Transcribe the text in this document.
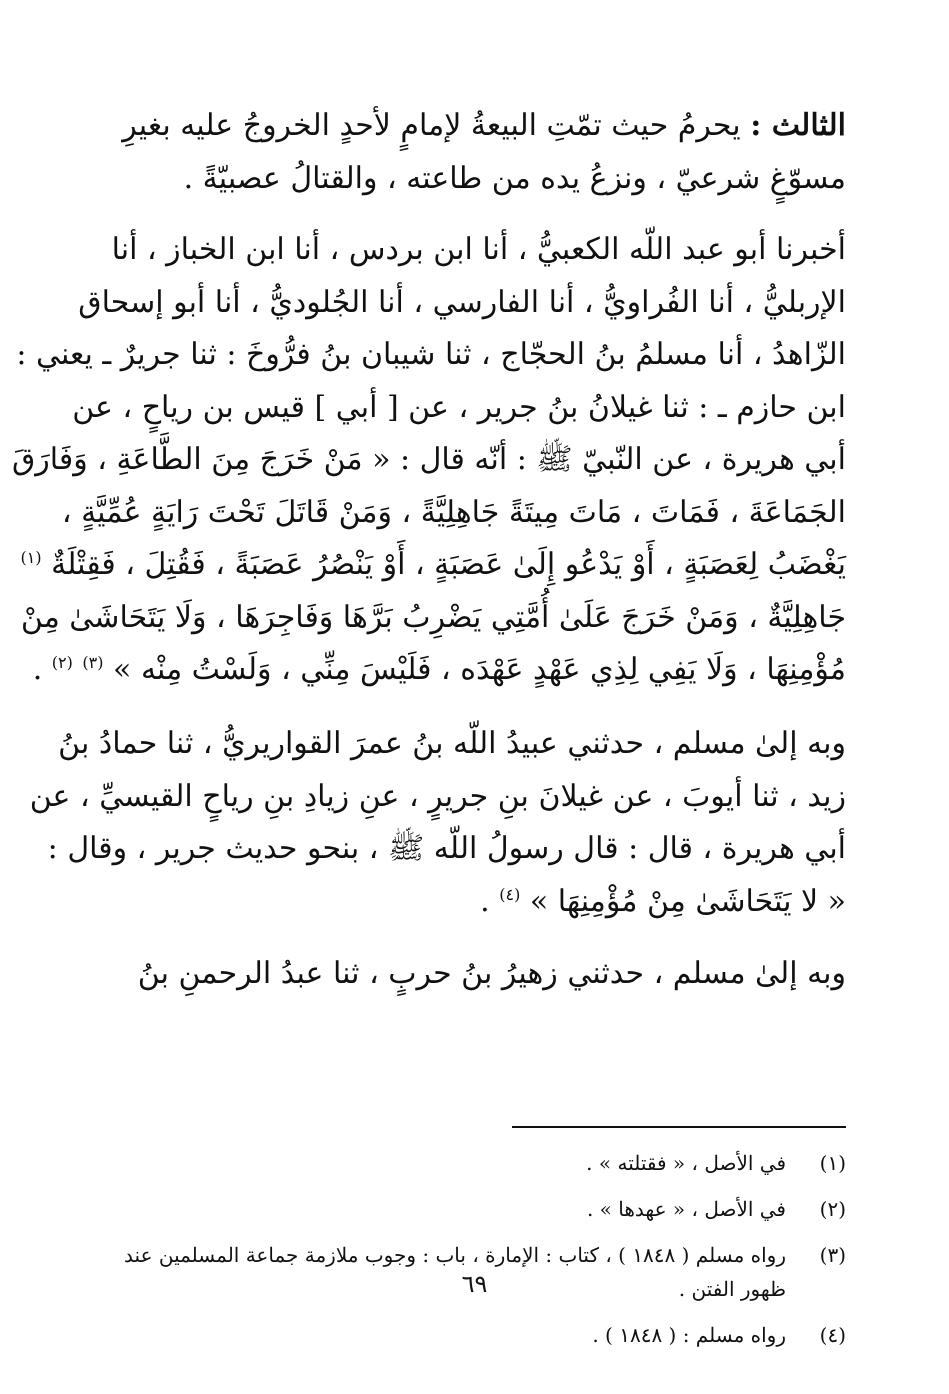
الثالث : يحرمُ حيث تمّتِ البيعةُ لإمامٍ لأحدٍ الخروجُ عليه بغيرِ
مسوّغٍ شرعيّ ، ونزعُ يده من طاعته ، والقتالُ عصبيّةً .

أخبرنا أبو عبد اللّه الكعبيُّ ، أنا ابن بردس ، أنا ابن الخباز ، أنا
الإربليُّ ، أنا الفُراويُّ ، أنا الفارسي ، أنا الجُلوديُّ ، أنا أبو إسحاق
الزّاهدُ ، أنا مسلمُ بنُ الحجّاج ، ثنا شيبان بنُ فرُّوخَ : ثنا جريرٌ ـ يعني :
ابن حازم ـ : ثنا غيلانُ بنُ جرير ، عن [ أبي ] قيس بن رياحٍ ، عن
أبي هريرة ، عن النّبيّ ﷺ : أنّه قال : « مَنْ خَرَجَ مِنَ الطَّاعَةِ ، وَفَارَقَ
الجَمَاعَةَ ، فَمَاتَ ، مَاتَ مِيتَةً جَاهِلِيَّةً ، وَمَنْ قَاتَلَ تَحْتَ رَايَةٍ عُمِّيَّةٍ ،
يَغْضَبُ لِعَصَبَةٍ ، أَوْ يَدْعُو إِلَىٰ عَصَبَةٍ ، أَوْ يَنْصُرُ عَصَبَةً ، فَقُتِلَ ، فَقِتْلَةٌ $^{(١)}$
جَاهِلِيَّةٌ ، وَمَنْ خَرَجَ عَلَىٰ أُمَّتِي يَضْرِبُ بَرَّهَا وَفَاجِرَهَا ، وَلَا يَتَحَاشَىٰ مِنْ
مُؤْمِنِهَا ، وَلَا يَفِي لِذِي عَهْدٍ عَهْدَه ، فَلَيْسَ مِنِّي ، وَلَسْتُ مِنْه » $^{(٣)}$ $^{(٢)}$ .

وبه إلىٰ مسلم ، حدثني عبيدُ اللّه بنُ عمرَ القواريريُّ ، ثنا حمادُ بنُ
زيد ، ثنا أيوبَ ، عن غيلانَ بنِ جريرٍ ، عنِ زيادِ بنِ رياحٍ القيسيِّ ، عن
أبي هريرة ، قال : قال رسولُ اللّه ﷺ ، بنحو حديث جرير ، وقال :
« لا يَتَحَاشَىٰ مِنْ مُؤْمِنِهَا » $^{(٤)}$ .

وبه إلىٰ مسلم ، حدثني زهيرُ بنُ حربٍ ، ثنا عبدُ الرحمنِ بنُ

(١)
في الأصل ، « فقتلته » .
(٢)
في الأصل ، « عهدها » .
(٣)
رواه مسلم ( ١٨٤٨ ) ، كتاب : الإمارة ، باب : وجوب ملازمة جماعة المسلمين عند ظهور الفتن .
(٤)
رواه مسلم : ( ١٨٤٨ ) .
٦٩
